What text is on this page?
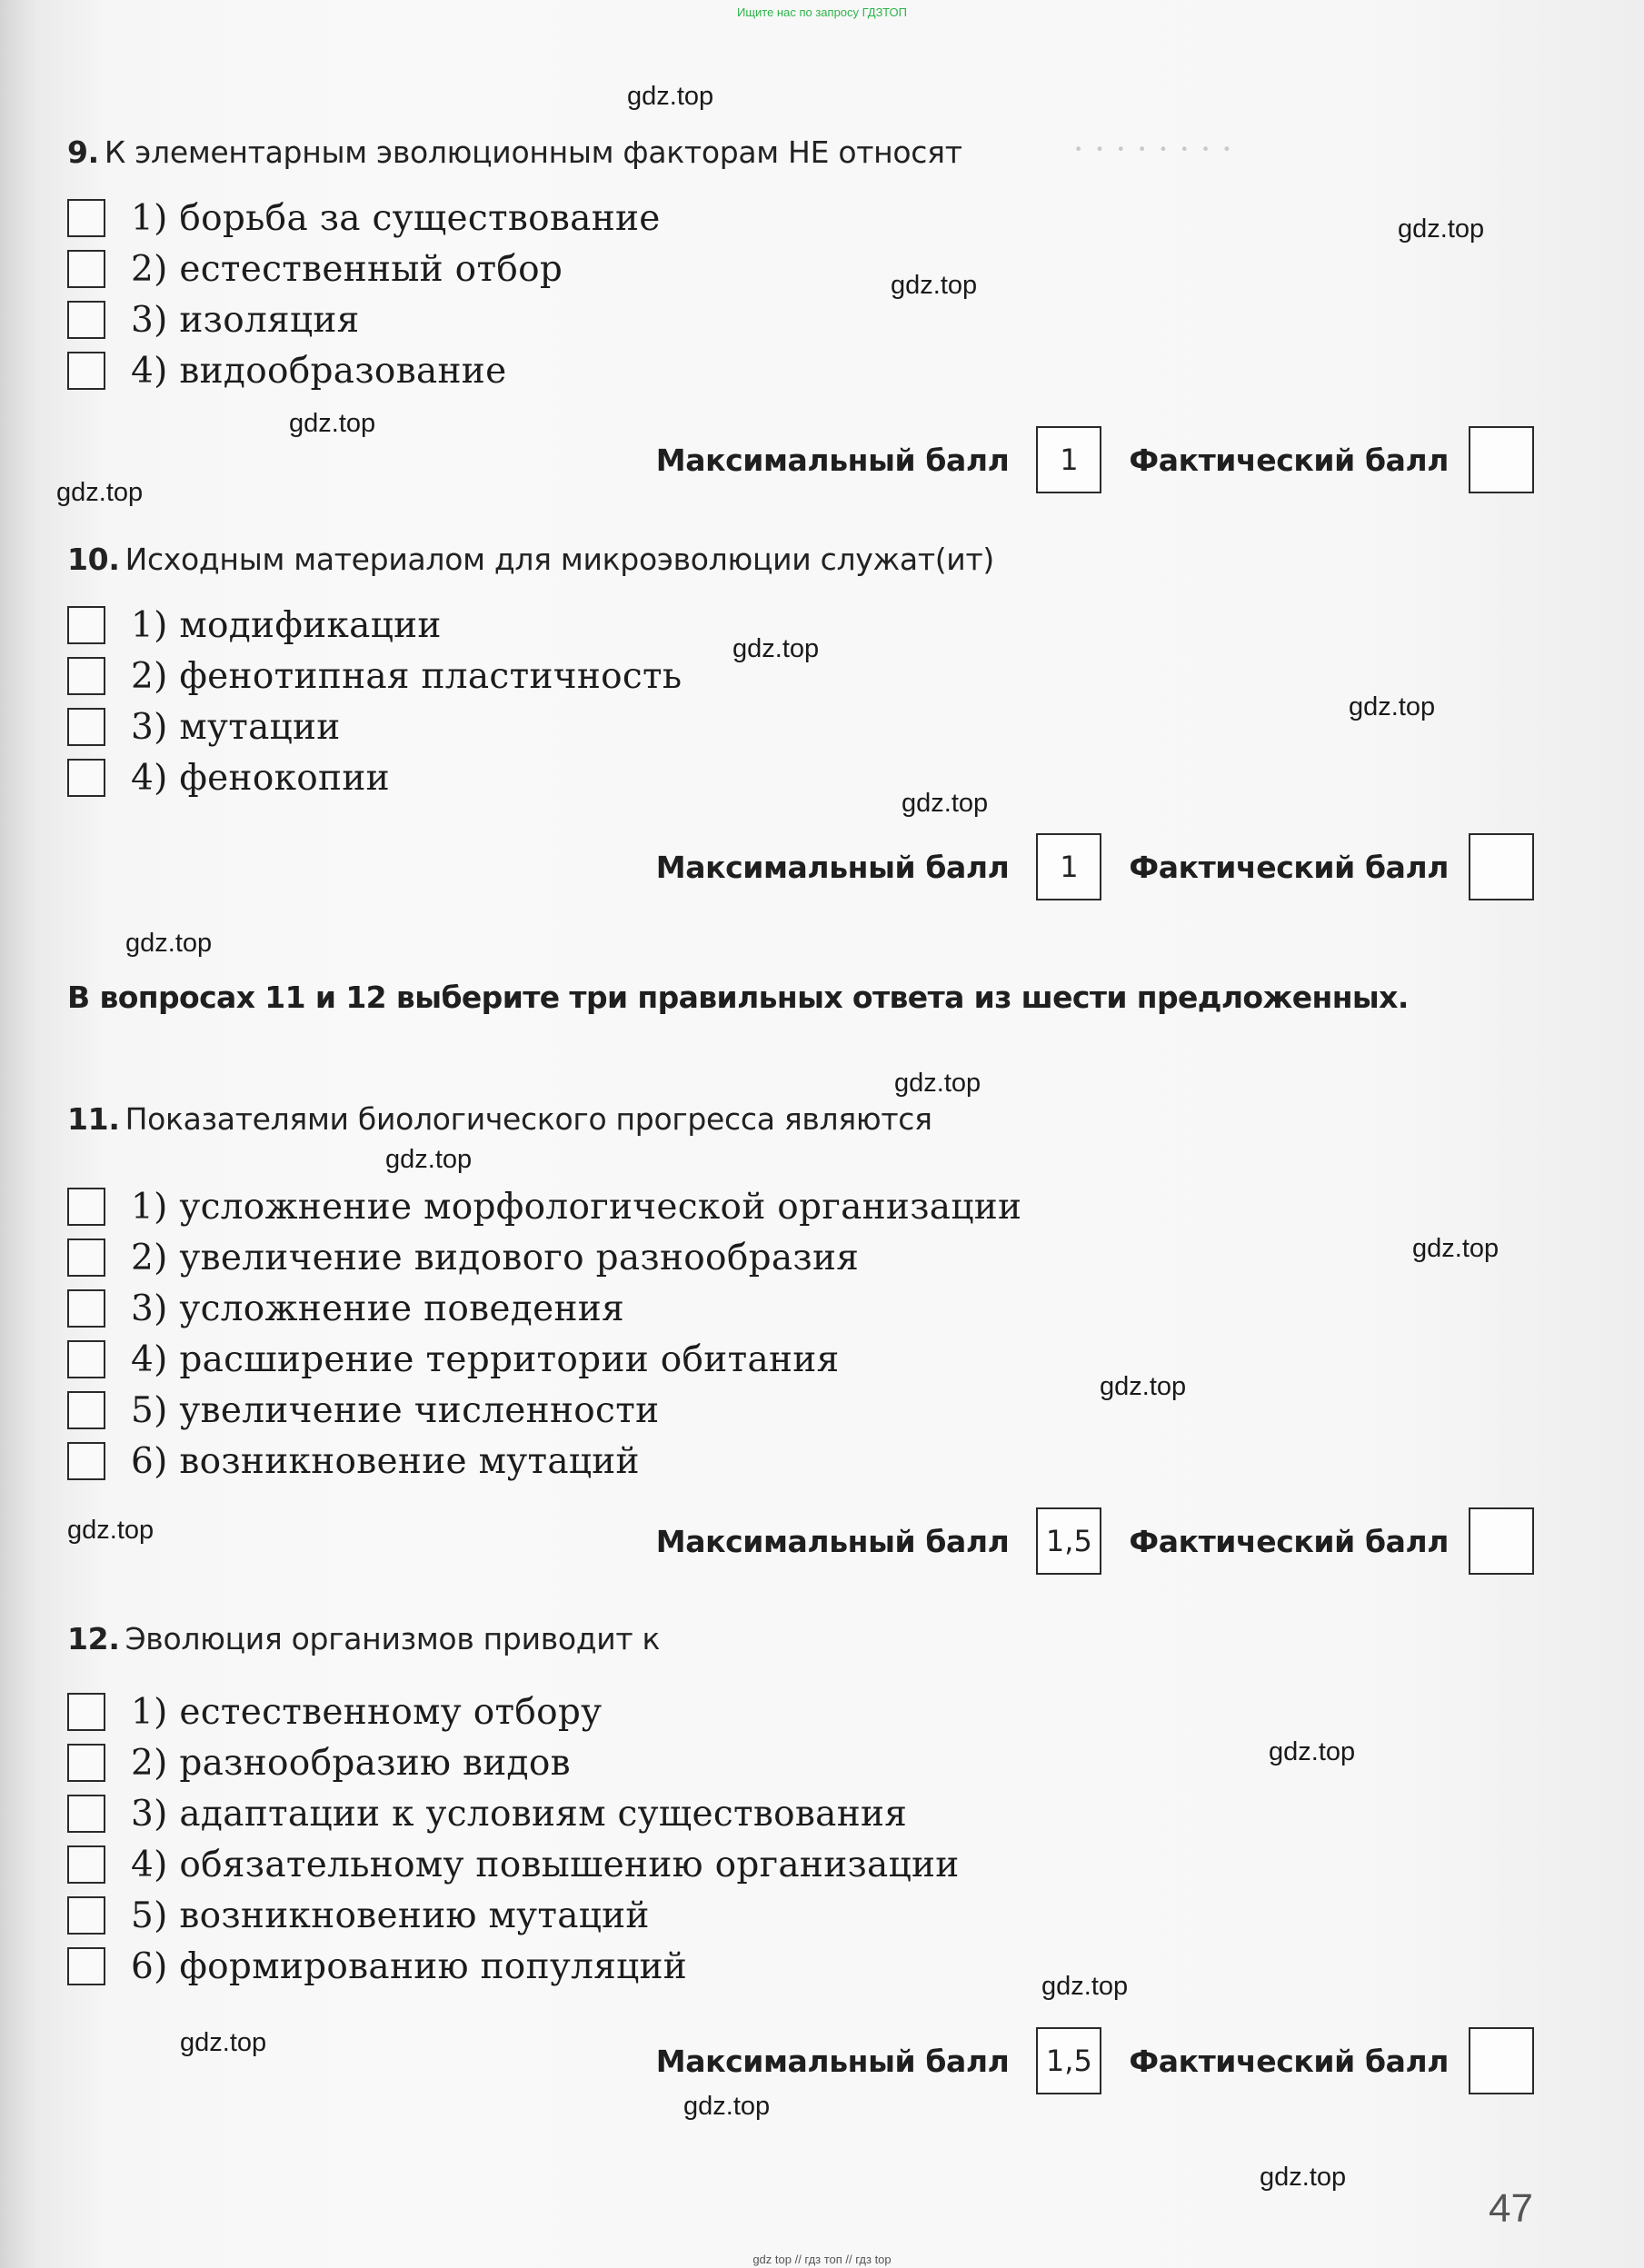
· · · · · · · ·
Ищите нас по запросу ГДЗТОП
9. К элементарным эволюционным факторам НЕ относят
1) борьба за существование
2) естественный отбор
3) изоляция
4) видообразование
Максимальный балл	1	Фактический балл
10. Исходным материалом для микроэволюции служат(ит)
1) модификации
2) фенотипная пластичность
3) мутации
4) фенокопии
Максимальный балл	1	Фактический балл
В вопросах 11 и 12 выберите три правильных ответа из шести предложенных.
11. Показателями биологического прогресса являются
1) усложнение морфологической организации
2) увеличение видового разнообразия
3) усложнение поведения
4) расширение территории обитания
5) увеличение численности
6) возникновение мутаций
Максимальный балл	1,5	Фактический балл
12. Эволюция организмов приводит к
1) естественному отбору
2) разнообразию видов
3) адаптации к условиям существования
4) обязательному повышению организации
5) возникновению мутаций
6) формированию популяций
Максимальный балл	1,5	Фактический балл
gdz.top
gdz.top
gdz.top
gdz.top
gdz.top
gdz.top
gdz.top
gdz.top
gdz.top
gdz.top
gdz.top
gdz.top
gdz.top
gdz.top
gdz.top
gdz.top
gdz.top
gdz.top
gdz.top
47
gdz top // гдз топ // гдз top
